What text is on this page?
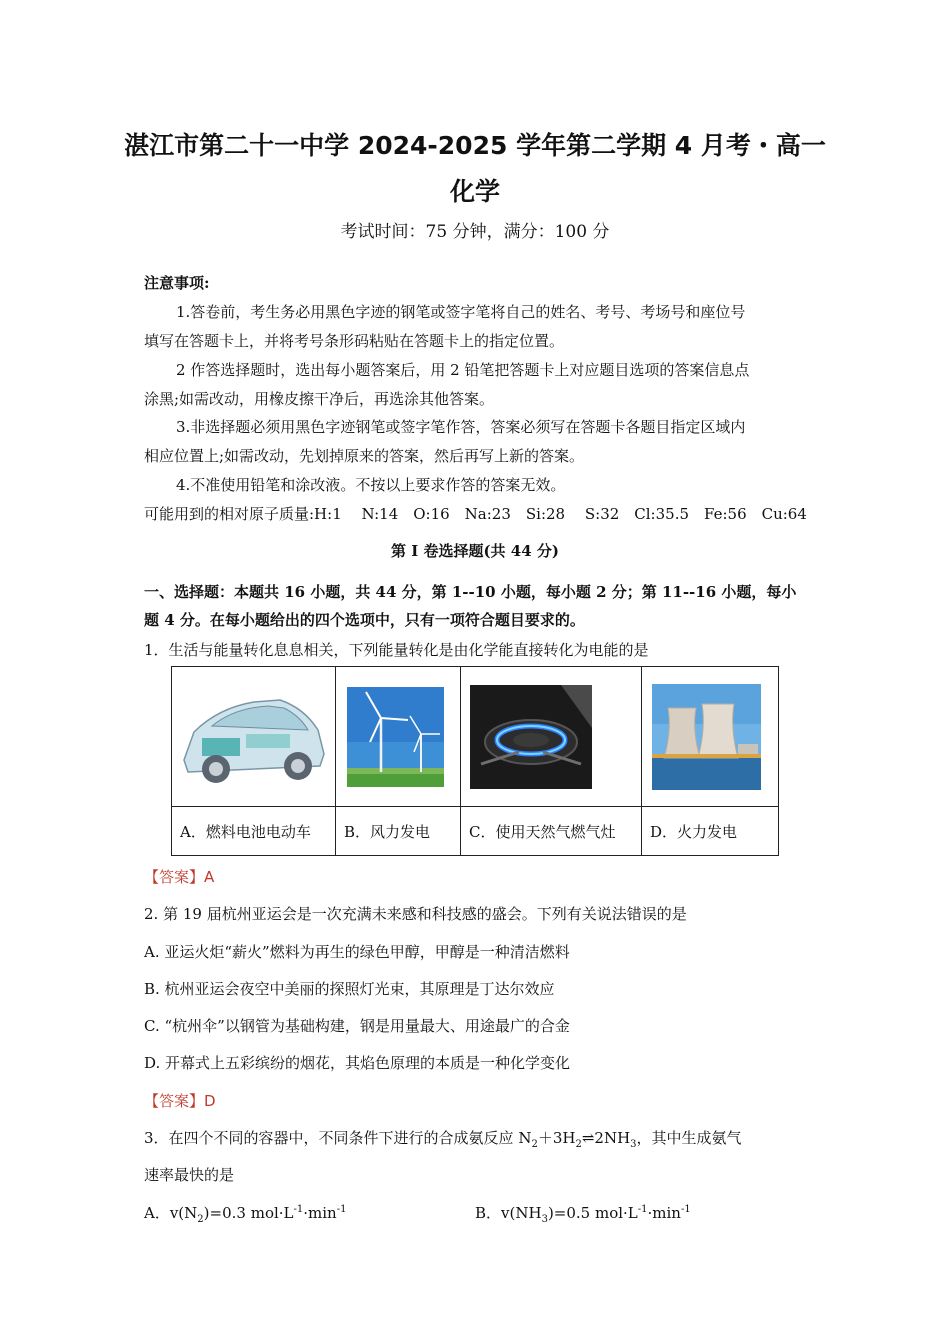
湛江市第二十一中学 2024-2025 学年第二学期 4 月考・高一
化学
考试时间：75 分钟，满分：100 分
注意事项:
1.答卷前，考生务必用黑色字迹的钢笔或签字笔将自己的姓名、考号、考场号和座位号
填写在答题卡上，并将考号条形码粘贴在答题卡上的指定位置。
2 作答选择题时，选出每小题答案后，用 2 铅笔把答题卡上对应题目选项的答案信息点
涂黑;如需改动，用橡皮擦干净后，再选涂其他答案。
3.非选择题必须用黑色字迹钢笔或签字笔作答，答案必须写在答题卡各题目指定区域内
相应位置上;如需改动，先划掉原来的答案，然后再写上新的答案。
4.不准使用铅笔和涂改液。不按以上要求作答的答案无效。
可能用到的相对原子质量:H:1　 N:14　O:16　Na:23　Si:28　 S:32　Cl:35.5　Fe:56　Cu:64
第 I 卷选择题(共 44 分)
一、选择题：本题共 16 小题，共 44 分，第 1--10 小题，每小题 2 分；第 11--16 小题，每小
题 4 分。在每小题给出的四个选项中，只有一项符合题目要求的。
1．生活与能量转化息息相关，下列能量转化是由化学能直接转化为电能的是

A．燃料电池电动车	B．风力发电	C．使用天然气燃气灶	D．火力发电
【答案】A
2. 第 19 届杭州亚运会是一次充满未来感和科技感的盛会。下列有关说法错误的是
A. 亚运火炬“薪火”燃料为再生的绿色甲醇，甲醇是一种清洁燃料
B. 杭州亚运会夜空中美丽的探照灯光束，其原理是丁达尔效应
C. “杭州伞”以钢管为基础构建，钢是用量最大、用途最广的合金
D. 开幕式上五彩缤纷的烟花，其焰色原理的本质是一种化学变化
【答案】D
3．在四个不同的容器中，不同条件下进行的合成氨反应 $N_2+3H_2\rightleftharpoons 2NH_3$，其中生成氨气
速率最快的是
A．$v(N_2)=0.3$ $mol\cdot L^{-1}\cdot\min^{-1}$	B．$v(NH_3)=0.5$ $mol\cdot L^{-1}\cdot\min^{-1}$
